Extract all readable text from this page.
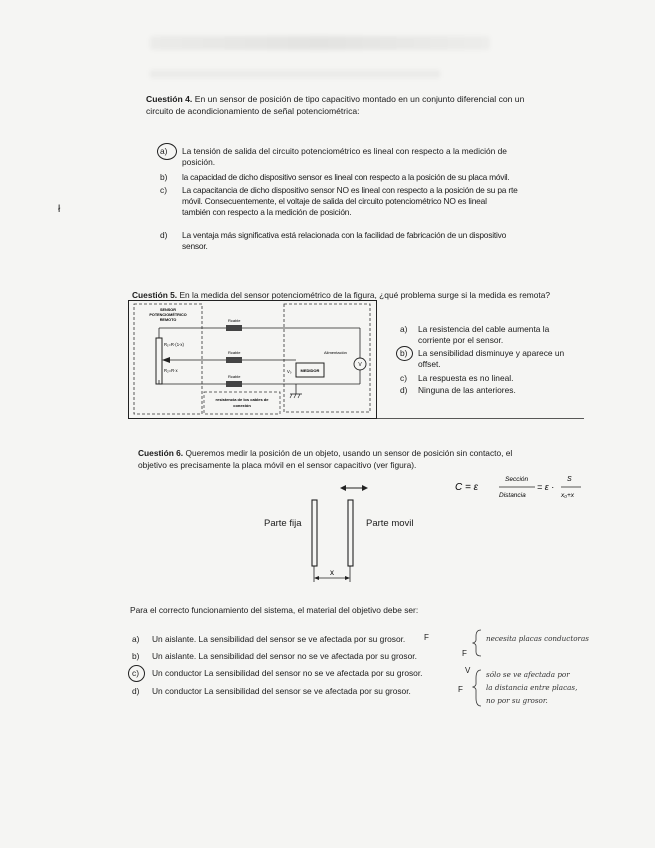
Cuestión 4. En un sensor de posición de tipo capacitivo montado en un conjunto diferencial con un
circuito de acondicionamiento de señal potenciométrica:
a) La tensión de salida del circuito potenciométrico es lineal con respecto a la medición de
posición.
b) la capacidad de dicho dispositivo sensor es lineal con respecto a la posición de su placa móvil.
c) La capacitancia de dicho dispositivo sensor NO es lineal con respecto a la posición de su pa rte
móvil. Consecuentemente, el voltaje de salida del circuito potenciométrico NO es lineal
también con respecto a la medición de posición.
d) La ventaja más significativa está relacionada con la facilidad de fabricación de un dispositivo
sensor.
ł
Cuestión 5. En la medida del sensor potenciométrico de la figura, ¿qué problema surge si la medida es remota?
SENSOR
POTENCIOMÉTRICO
REMOTO
R₁=R·(1-x)
R₂=R·x
Rcable
Rcable
Rcable
V
Alimentación
MEDIDOR
V₀
resistencia de los cables de
conexión
a) La resistencia del cable aumenta la
corriente por el sensor.
b) La sensibilidad disminuye y aparece un
offset.
c) La respuesta es no lineal.
d) Ninguna de las anteriores.
Cuestión 6. Queremos medir la posición de un objeto, usando un sensor de posición sin contacto, el
objetivo es precisamente la placa móvil en el sensor capacitivo (ver figura).
C = ε
Sección
Distancia
= ε ·
S
x₀+x
x
Parte fija	Parte movil
Para el correcto funcionamiento del sistema, el material del objetivo debe ser:
a) Un aislante. La sensibilidad del sensor se ve afectada por su grosor. F
b) Un aislante. La sensibilidad del sensor no se ve afectada por su grosor.	F
c) Un conductor La sensibilidad del sensor no se ve afectada por su grosor.	V
d) Un conductor La sensibilidad del sensor se ve afectada por su grosor.	F
necesita placas conductoras
sólo se ve afectada por
la distancia entre placas,
no por su grosor.
